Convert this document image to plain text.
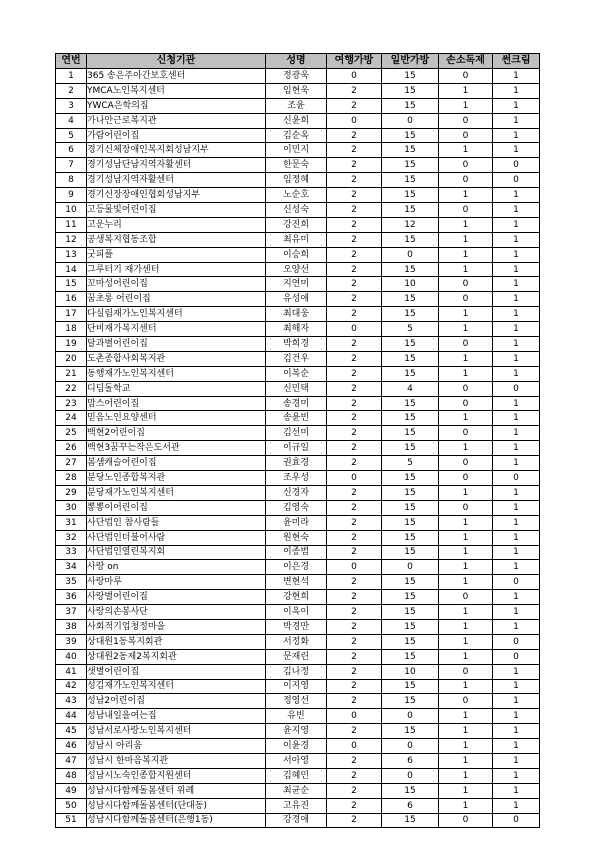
연번	신청기관	성명	여행가방	일반가방	손소독제	썬크림
1	365 송은주아간보호센터	정광욱	0	15	0	1
2	YMCA노인복지센터	임현욱	2	15	1	1
3	YWCA은학의집	조윤	2	15	1	1
4	가나안근로복지관	신윤희	0	0	0	1
5	가람어린이집	김순옥	2	15	0	1
6	경기신체장애인복지회성남지부	이민지	2	15	1	1
7	경기성남단남지역자활센터	한문숙	2	15	0	0
8	경기성남지역자활센터	임정혜	2	15	0	0
9	경기신장장애인협회성남지부	노순호	2	15	1	1
10	고등물빛어린이집	신성숙	2	15	0	1
11	고운누리	강진희	2	12	1	1
12	공생복지협동조합	최유미	2	15	1	1
13	굿피플	이승희	2	0	1	1
14	그루터기 재가센터	오양선	2	15	1	1
15	꼬마성어린이집	지연미	2	10	0	1
16	꿈초롱 어린이집	유성애	2	15	0	1
17	다실림재가노인복지센터	최대웅	2	15	1	1
18	단비재가복지센터	최해자	0	5	1	1
19	달과별어린이집	박희경	2	15	0	1
20	도촌종합사회복지관	김건우	2	15	1	1
21	동행재가노인복지센터	이복순	2	15	1	1
22	디딤돌학교	신민택	2	4	0	0
23	맘스어린이집	송경미	2	15	0	1
24	믿음노인요양센터	송윤빈	2	15	1	1
25	백현2어린이집	김선미	2	15	0	1
26	백현3꿈꾸는작은도서관	이규일	2	15	1	1
27	봄샘캐슬어린이집	권효경	2	5	0	1
28	분당노인종합복지관	조우성	0	15	0	0
29	분당재가노인복지센터	신경자	2	15	1	1
30	뽕뽕이어린이집	김영숙	2	15	0	1
31	사단법인 참사람들	윤미라	2	15	1	1
32	사단법인더불어사람	원현숙	2	15	1	1
33	사단법인열린복지회	이종범	2	15	1	1
34	사랑 on	이은경	0	0	1	1
35	사랑마루	변현석	2	15	1	0
36	사랑별어린이집	강현희	2	15	0	1
37	사랑의손봉사단	이옥이	2	15	1	1
38	사회적기업청정마을	박경만	2	15	1	1
39	상대원1동복지회관	서정화	2	15	1	0
40	상대원2동제2복지회관	문재린	2	15	1	0
41	샛별어린이집	김나정	2	10	0	1
42	성김재가노인복지센터	이지영	2	15	1	1
43	성남2어린이집	정영선	2	15	0	1
44	성남내일을여는집	유빈	0	0	1	1
45	성남서로사랑노인복지센터	윤지영	2	15	1	1
46	성남시 아리움	이윤경	0	0	1	1
47	성남시 한마음복지관	서아영	2	6	1	1
48	성남시노숙인종합지원센터	김혜민	2	0	1	1
49	성남시다함께돌봄센터 위례	최균순	2	15	1	1
50	성남시다함께돌봄센터(단대동)	고유진	2	6	1	1
51	성남시다함께돌봄센터(은행1동)	강경애	2	15	0	0
